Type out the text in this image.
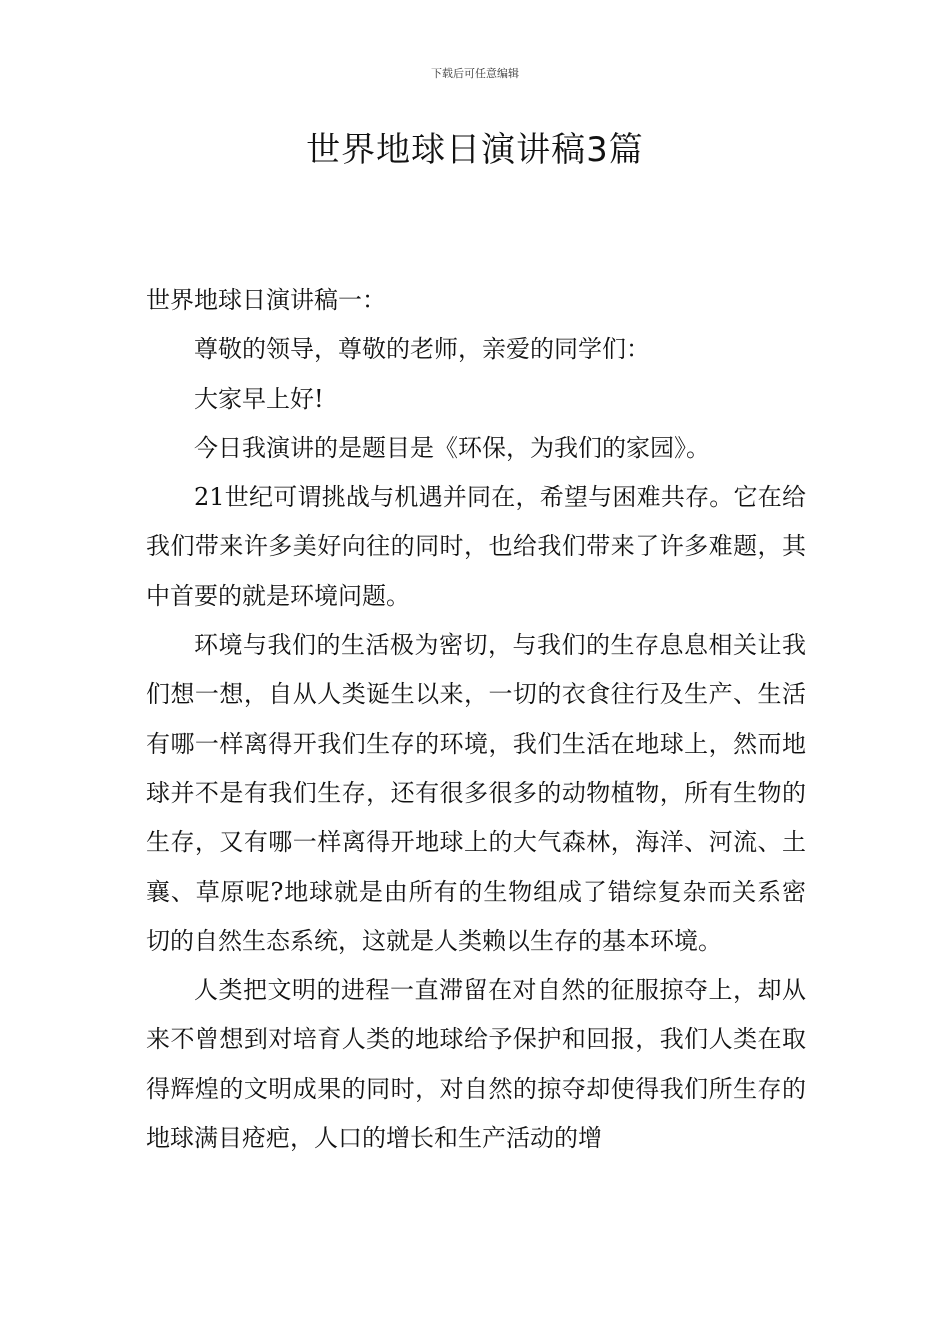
下载后可任意编辑
世界地球日演讲稿3篇

世界地球日演讲稿一：

尊敬的领导，尊敬的老师，亲爱的同学们：

大家早上好!

今日我演讲的是题目是《环保，为我们的家园》。

21世纪可谓挑战与机遇并同在，希望与困难共存。它在给我们带来许多美好向往的同时，也给我们带来了许多难题，其中首要的就是环境问题。

环境与我们的生活极为密切，与我们的生存息息相关让我们想一想，自从人类诞生以来，一切的衣食往行及生产、生活有哪一样离得开我们生存的环境，我们生活在地球上，然而地球并不是有我们生存，还有很多很多的动物植物，所有生物的生存，又有哪一样离得开地球上的大气森林，海洋、河流、土襄、草原呢?地球就是由所有的生物组成了错综复杂而关系密切的自然生态系统，这就是人类赖以生存的基本环境。

人类把文明的进程一直滞留在对自然的征服掠夺上，却从来不曾想到对培育人类的地球给予保护和回报，我们人类在取得辉煌的文明成果的同时，对自然的掠夺却使得我们所生存的地球满目疮疤，人口的增长和生产活动的增
